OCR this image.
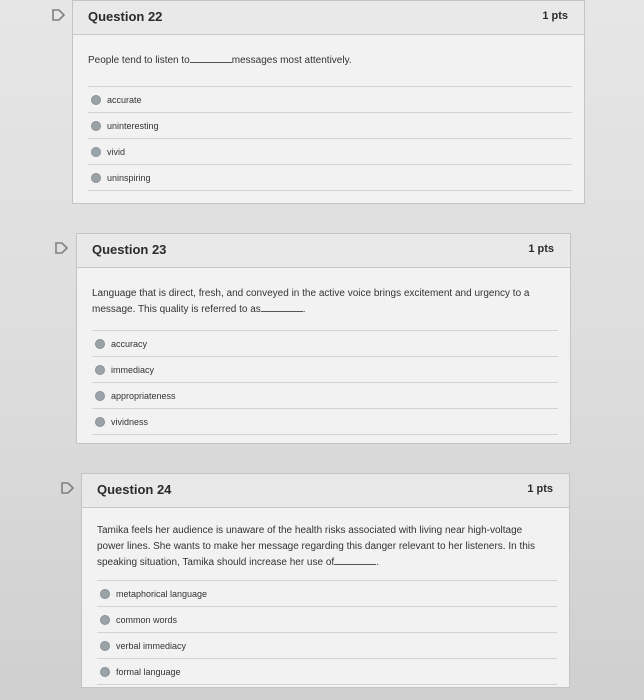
Question 22	1 pts
People tend to listen to	messages most attentively.
accurate
uninteresting
vivid
uninspiring
Question 23	1 pts
Language that is direct, fresh, and conveyed in the active voice brings excitement and urgency to a message. This quality is referred to as	.
accuracy
immediacy
appropriateness
vividness
Question 24	1 pts
Tamika feels her audience is unaware of the health risks associated with living near high-voltage power lines. She wants to make her message regarding this danger relevant to her listeners. In this speaking situation, Tamika should increase her use of	.
metaphorical language
common words
verbal immediacy
formal language
